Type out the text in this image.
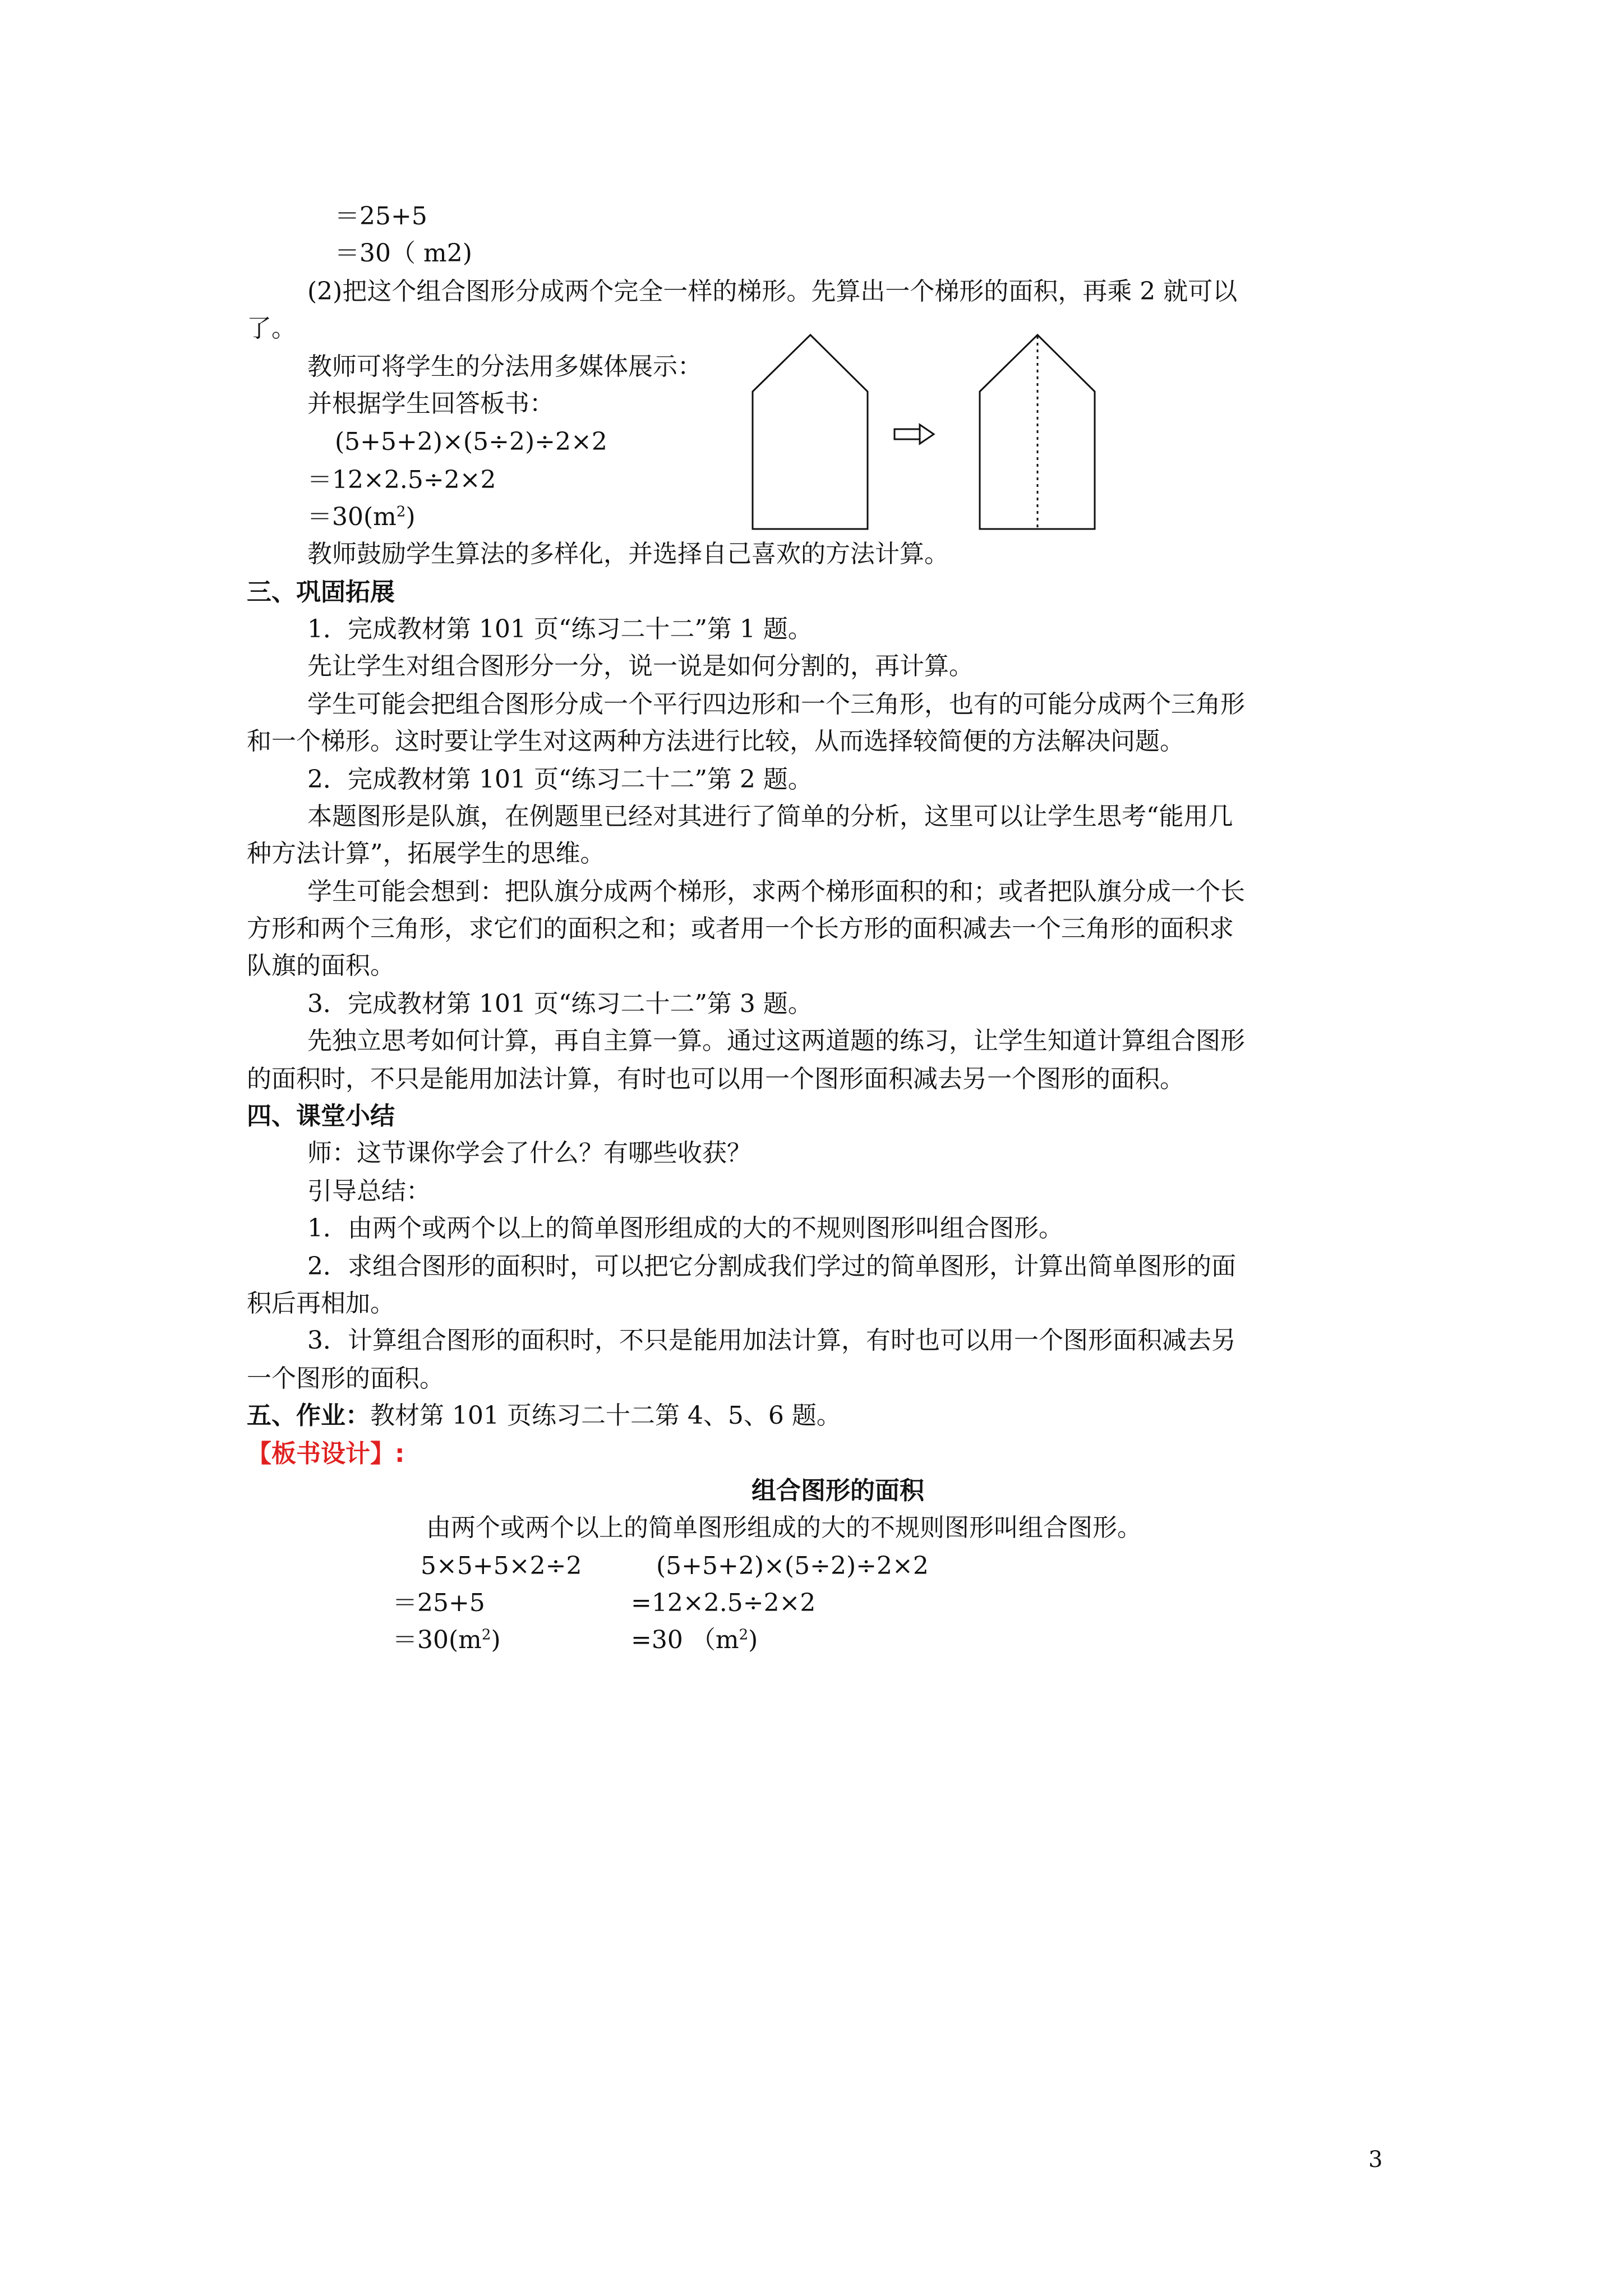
＝25+5
＝30（ m2)
(2)把这个组合图形分成两个完全一样的梯形。先算出一个梯形的面积，再乘 2 就可以
了。
教师可将学生的分法用多媒体展示：
并根据学生回答板书：
(5+5+2)×(5÷2)÷2×2
＝12×2.5÷2×2
$=30(m^2)$
教师鼓励学生算法的多样化，并选择自己喜欢的方法计算。
三、巩固拓展
1．完成教材第 101 页“练习二十二”第 1 题。
先让学生对组合图形分一分，说一说是如何分割的，再计算。
学生可能会把组合图形分成一个平行四边形和一个三角形，也有的可能分成两个三角形
和一个梯形。这时要让学生对这两种方法进行比较，从而选择较简便的方法解决问题。
2．完成教材第 101 页“练习二十二”第 2 题。
本题图形是队旗，在例题里已经对其进行了简单的分析，这里可以让学生思考“能用几
种方法计算”，拓展学生的思维。
学生可能会想到：把队旗分成两个梯形，求两个梯形面积的和；或者把队旗分成一个长
方形和两个三角形，求它们的面积之和；或者用一个长方形的面积减去一个三角形的面积求
队旗的面积。
3．完成教材第 101 页“练习二十二”第 3 题。
先独立思考如何计算，再自主算一算。通过这两道题的练习，让学生知道计算组合图形
的面积时，不只是能用加法计算，有时也可以用一个图形面积减去另一个图形的面积。
四、课堂小结
师：这节课你学会了什么？有哪些收获？
引导总结：
1．由两个或两个以上的简单图形组成的大的不规则图形叫组合图形。
2．求组合图形的面积时，可以把它分割成我们学过的简单图形，计算出简单图形的面
积后再相加。
3．计算组合图形的面积时，不只是能用加法计算，有时也可以用一个图形面积减去另
一个图形的面积。
五、作业：教材第 101 页练习二十二第 4、5、6 题。
【板书设计】:
组合图形的面积
由两个或两个以上的简单图形组成的大的不规则图形叫组合图形。
5×5+5×2÷2
＝25+5
$=30(m^2)$
(5+5+2)×(5÷2)÷2×2
=12×2.5÷2×2
=30 $(m^2)$
3
